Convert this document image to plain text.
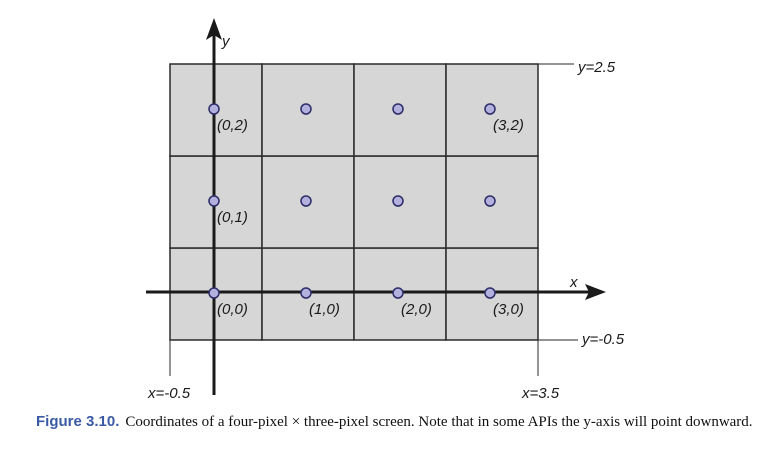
x
y
(0,0)	(1,0)	(2,0)	(3,0)
(0,1)
(0,2)	(3,2)
y=2.5
y=-0.5
x=-0.5	x=3.5
Figure 3.10. Coordinates of a four-pixel × three-pixel screen. Note that in some APIs the y-axis will point downward.
